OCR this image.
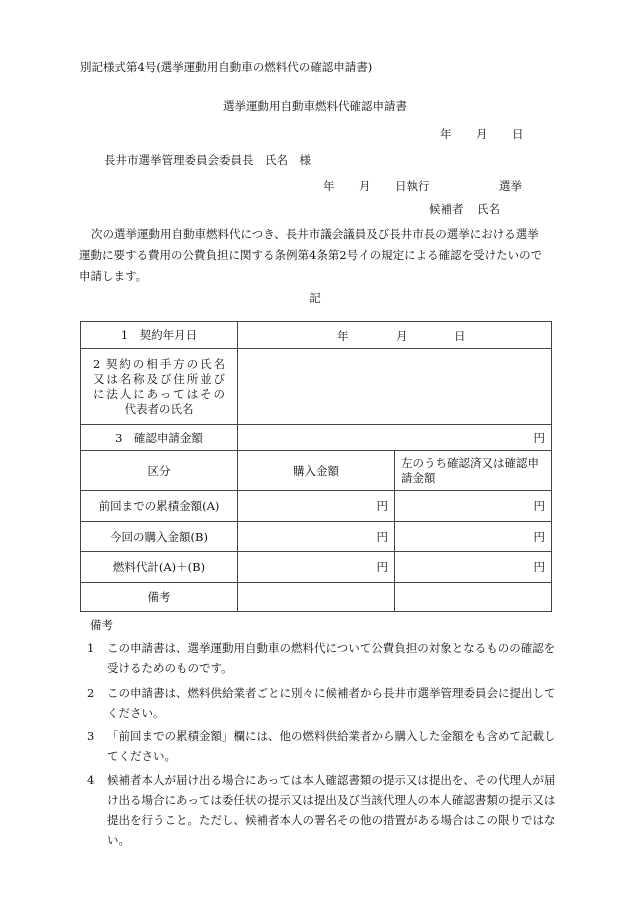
別記様式第4号(選挙運動用自動車の燃料代の確認申請書)
選挙運動用自動車燃料代確認申請書
年 月 日
長井市選挙管理委員会委員長　氏名　様
年 月 日執行	選挙
候補者 氏名
次の選挙運動用自動車燃料代につき、長井市議会議員及び長井市長の選挙における選挙運動に要する費用の公費負担に関する条例第4条第2号イの規定による確認を受けたいので申請します。
記
1　契約年月日	年 月 日	

2 契約の相手方の氏名
又は名称及び住所並び
に法人にあってはその
代表者の氏名		

3　確認申請金額	円	
区分	購入金額	左のうち確認済又は確認申請金額
前回までの累積金額(A)	円	円
今回の購入金額(B)	円	円
燃料代計(A)＋(B)	円	円
備考		
備考
1	この申請書は、選挙運動用自動車の燃料代について公費負担の対象となるものの確認を受けるためのものです。
2	この申請書は、燃料供給業者ごとに別々に候補者から長井市選挙管理委員会に提出してください。
3	「前回までの累積金額」欄には、他の燃料供給業者から購入した金額をも含めて記載してください。
4	候補者本人が届け出る場合にあっては本人確認書類の提示又は提出を、その代理人が届け出る場合にあっては委任状の提示又は提出及び当該代理人の本人確認書類の提示又は提出を行うこと。ただし、候補者本人の署名その他の措置がある場合はこの限りではない。
